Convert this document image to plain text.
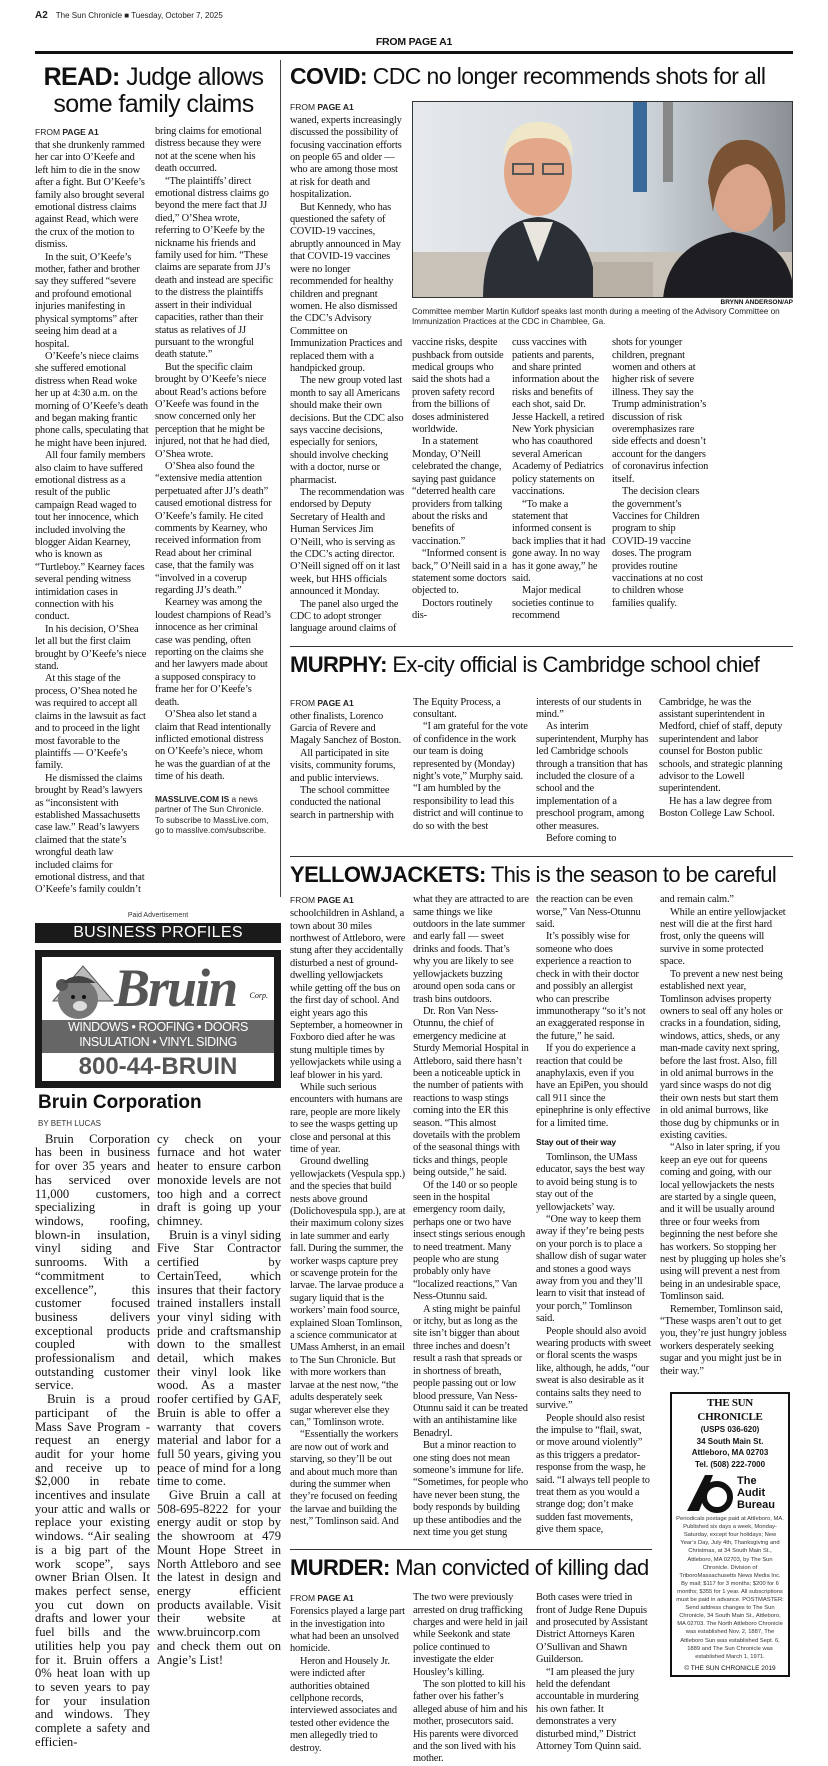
A2 The Sun Chronicle ■ Tuesday, October 7, 2025
FROM PAGE A1
READ: Judge allows some family claims
FROM PAGE A1

that she drunkenly rammed her car into O’Keefe and left him to die in the snow after a fight. But O’Keefe’s family also brought several emotional distress claims against Read, which were the crux of the motion to dismiss.

In the suit, O’Keefe’s mother, father and brother say they suffered “severe and profound emotional injuries manifesting in physical symptoms” after seeing him dead at a hospital.

O’Keefe’s niece claims she suffered emotional distress when Read woke her up at 4:30 a.m. on the morning of O’Keefe’s death and began making frantic phone calls, speculating that he might have been injured.

All four family members also claim to have suffered emotional distress as a result of the public campaign Read waged to tout her innocence, which included involving the blogger Aidan Kearney, who is known as “Turtleboy.” Kearney faces several pending witness intimidation cases in connection with his conduct.

In his decision, O’Shea let all but the first claim brought by O’Keefe’s niece stand.

At this stage of the process, O’Shea noted he was required to accept all claims in the lawsuit as fact and to proceed in the light most favorable to the plaintiffs — O’Keefe’s family.

He dismissed the claims brought by Read’s lawyers as “inconsistent with established Massachusetts case law.” Read’s lawyers claimed that the state’s wrongful death law included claims for emotional distress, and that O’Keefe’s family couldn’t

bring claims for emotional distress because they were not at the scene when his death occurred.

“The plaintiffs’ direct emotional distress claims go beyond the mere fact that JJ died,” O’Shea wrote, referring to O’Keefe by the nickname his friends and family used for him. “These claims are separate from JJ’s death and instead are specific to the distress the plaintiffs assert in their individual capacities, rather than their status as relatives of JJ pursuant to the wrongful death statute.”

But the specific claim brought by O’Keefe’s niece about Read’s actions before O’Keefe was found in the snow concerned only her perception that he might be injured, not that he had died, O’Shea wrote.

O’Shea also found the “extensive media attention perpetuated after JJ’s death” caused emotional distress for O’Keefe’s family. He cited comments by Kearney, who received information from Read about her criminal case, that the family was “involved in a coverup regarding JJ’s death.”

Kearney was among the loudest champions of Read’s innocence as her criminal case was pending, often reporting on the claims she and her lawyers made about a supposed conspiracy to frame her for O’Keefe’s death.

O’Shea also let stand a claim that Read intentionally inflicted emotional distress on O’Keefe’s niece, whom he was the guardian of at the time of his death.

MASSLIVE.COM IS a news partner of The Sun Chronicle. To subscribe to MassLive.com, go to masslive.com/subscribe.
Paid Advertisement
BUSINESS PROFILES
Bruin Corp.
WINDOWS • ROOFING • DOORS
INSULATION • VINYL SIDING
800-44-BRUIN
Bruin Corporation
BY BETH LUCAS

Bruin Corporation has been in business for over 35 years and has serviced over 11,000 customers, specializing in windows, roofing, blown-in insulation, vinyl siding and sunrooms. With a “commitment to excellence”, this customer focused business delivers exceptional products coupled with professionalism and outstanding customer service.

Bruin is a proud participant of the Mass Save Program - request an energy audit for your home and receive up to $2,000 in rebate incentives and insulate your attic and walls or replace your existing windows. “Air sealing is a big part of the work scope”, says owner Brian Olsen. It makes perfect sense, you cut down on drafts and lower your fuel bills and the utilities help you pay for it. Bruin offers a 0% heat loan with up to seven years to pay for your insulation and windows. They complete a safety and efficien-

cy check on your furnace and hot water heater to ensure carbon monoxide levels are not too high and a correct draft is going up your chimney.

Bruin is a vinyl siding Five Star Contractor certified by CertainTeed, which insures that their factory trained installers install your vinyl siding with pride and craftsmanship down to the smallest detail, which makes their vinyl look like wood. As a master roofer certified by GAF, Bruin is able to offer a warranty that covers material and labor for a full 50 years, giving you peace of mind for a long time to come.

Give Bruin a call at 508-695-8222 for your energy audit or stop by the showroom at 479 Mount Hope Street in North Attleboro and see the latest in design and energy efficient products available. Visit their website at www.bruincorp.com and check them out on Angie’s List!

COVID: CDC no longer recommends shots for all
FROM PAGE A1

waned, experts increasingly discussed the possibility of focusing vaccination efforts on people 65 and older — who are among those most at risk for death and hospitalization.

But Kennedy, who has questioned the safety of COVID-19 vaccines, abruptly announced in May that COVID-19 vaccines were no longer recommended for healthy children and pregnant women. He also dismissed the CDC’s Advisory Committee on Immunization Practices and replaced them with a handpicked group.

The new group voted last month to say all Americans should make their own decisions. But the CDC also says vaccine decisions, especially for seniors, should involve checking with a doctor, nurse or pharmacist.

The recommendation was endorsed by Deputy Secretary of Health and Human Services Jim O’Neill, who is serving as the CDC’s acting director. O’Neill signed off on it last week, but HHS officials announced it Monday.

The panel also urged the CDC to adopt stronger language around claims of

BRYNN ANDERSON/AP
Committee member Martin Kulldorf speaks last month during a meeting of the Advisory Committee on Immunization Practices at the CDC in Chamblee, Ga.

vaccine risks, despite pushback from outside medical groups who said the shots had a proven safety record from the billions of doses administered worldwide.

In a statement Monday, O’Neill celebrated the change, saying past guidance “deterred health care providers from talking about the risks and benefits of vaccination.”

“Informed consent is back,” O’Neill said in a statement some doctors objected to.

Doctors routinely dis-

cuss vaccines with patients and parents, and share printed information about the risks and benefits of each shot, said Dr. Jesse Hackell, a retired New York physician who has coauthored several American Academy of Pediatrics policy statements on vaccinations.

“To make a statement that informed consent is back implies that it had gone away. In no way has it gone away,” he said.

Major medical societies continue to recommend

shots for younger children, pregnant women and others at higher risk of severe illness. They say the Trump administration’s discussion of risk overemphasizes rare side effects and doesn’t account for the dangers of coronavirus infection itself.

The decision clears the government’s Vaccines for Children program to ship COVID-19 vaccine doses. The program provides routine vaccinations at no cost to children whose families qualify.

MURPHY: Ex-city official is Cambridge school chief
FROM PAGE A1

other finalists, Lorenco Garcia of Revere and Magaly Sanchez of Boston.

All participated in site visits, community forums, and public interviews.

The school committee conducted the national search in partnership with

The Equity Process, a consultant.

“I am grateful for the vote of confidence in the work our team is doing represented by (Monday) night’s vote,” Murphy said. “I am humbled by the responsibility to lead this district and will continue to do so with the best

interests of our students in mind.”

As interim superintendent, Murphy has led Cambridge schools through a transition that has included the closure of a school and the implementation of a preschool program, among other measures.

Before coming to

Cambridge, he was the assistant superintendent in Medford, chief of staff, deputy superintendent and labor counsel for Boston public schools, and strategic planning advisor to the Lowell superintendent.

He has a law degree from Boston College Law School.

YELLOWJACKETS: This is the season to be careful
FROM PAGE A1

schoolchildren in Ashland, a town about 30 miles northwest of Attleboro, were stung after they accidentally disturbed a nest of ground-dwelling yellowjackets while getting off the bus on the first day of school. And eight years ago this September, a homeowner in Foxboro died after he was stung multiple times by yellowjackets while using a leaf blower in his yard.

While such serious encounters with humans are rare, people are more likely to see the wasps getting up close and personal at this time of year.

Ground dwelling yellowjackets (Vespula spp.) and the species that build nests above ground (Dolichovespula spp.), are at their maximum colony sizes in late summer and early fall. During the summer, the worker wasps capture prey or scavenge protein for the larvae. The larvae produce a sugary liquid that is the workers’ main food source, explained Sloan Tomlinson, a science communicator at UMass Amherst, in an email to The Sun Chronicle. But with more workers than larvae at the nest now, “the adults desperately seek sugar wherever else they can,” Tomlinson wrote.

“Essentially the workers are now out of work and starving, so they’ll be out and about much more than during the summer when they’re focused on feeding the larvae and building the nest,” Tomlinson said. And

what they are attracted to are same things we like outdoors in the late summer and early fall — sweet drinks and foods. That’s why you are likely to see yellowjackets buzzing around open soda cans or trash bins outdoors.

Dr. Ron Van Ness-Otunnu, the chief of emergency medicine at Sturdy Memorial Hospital in Attleboro, said there hasn’t been a noticeable uptick in the number of patients with reactions to wasp stings coming into the ER this season. “This almost dovetails with the problem of the seasonal things with ticks and things, people being outside,” he said.

Of the 140 or so people seen in the hospital emergency room daily, perhaps one or two have insect stings serious enough to need treatment. Many people who are stung probably only have “localized reactions,” Van Ness-Otunnu said.

A sting might be painful or itchy, but as long as the site isn’t bigger than about three inches and doesn’t result a rash that spreads or in shortness of breath, people passing out or low blood pressure, Van Ness-Otunnu said it can be treated with an antihistamine like Benadryl.

But a minor reaction to one sting does not mean someone’s immune for life. “Sometimes, for people who have never been stung, the body responds by building up these antibodies and the next time you get stung

the reaction can be even worse,” Van Ness-Otunnu said.

It’s possibly wise for someone who does experience a reaction to check in with their doctor and possibly an allergist who can prescribe immunotherapy “so it’s not an exaggerated response in the future,” he said.

If you do experience a reaction that could be anaphylaxis, even if you have an EpiPen, you should call 911 since the epinephrine is only effective for a limited time.

Stay out of their way

Tomlinson, the UMass educator, says the best way to avoid being stung is to stay out of the yellowjackets’ way.

“One way to keep them away if they’re being pests on your porch is to place a shallow dish of sugar water and stones a good ways away from you and they’ll learn to visit that instead of your porch,” Tomlinson said.

People should also avoid wearing products with sweet or floral scents the wasps like, although, he adds, “our sweat is also desirable as it contains salts they need to survive.”

People should also resist the impulse to “flail, swat, or move around violently” as this triggers a predator-response from the wasp, he said. “I always tell people to treat them as you would a strange dog; don’t make sudden fast movements, give them space,

MURDER: Man convicted of killing dad
FROM PAGE A1

Forensics played a large part in the investigation into what had been an unsolved homicide.

Heron and Housely Jr. were indicted after authorities obtained cellphone records, interviewed associates and tested other evidence the men allegedly tried to destroy.

The two were previously arrested on drug trafficking charges and were held in jail while Seekonk and state police continued to investigate the elder Housley’s killing.

The son plotted to kill his father over his father’s alleged abuse of him and his mother, prosecutors said. His parents were divorced and the son lived with his mother.

Both cases were tried in front of Judge Rene Dupuis and prosecuted by Assistant District Attorneys Karen O’Sullivan and Shawn Guilderson.

“I am pleased the jury held the defendant accountable in murdering his own father. It demonstrates a very disturbed mind,” District Attorney Tom Quinn said.

and remain calm.”

While an entire yellowjacket nest will die at the first hard frost, only the queens will survive in some protected space.

To prevent a new nest being established next year, Tomlinson advises property owners to seal off any holes or cracks in a foundation, siding, windows, attics, sheds, or any man-made cavity next spring, before the last frost. Also, fill in old animal burrows in the yard since wasps do not dig their own nests but start them in old animal burrows, like those dug by chipmunks or in existing cavities.

“Also in later spring, if you keep an eye out for queens coming and going, with our local yellowjackets the nests are started by a single queen, and it will be usually around three or four weeks from beginning the nest before she has workers. So stopping her nest by plugging up holes she’s using will prevent a nest from being in an undesirable space, Tomlinson said.

Remember, Tomlinson said, “These wasps aren’t out to get you, they’re just hungry jobless workers desperately seeking sugar and you might just be in their way.”

THE SUN CHRONICLE
(USPS 036-620)
34 South Main St.
Attleboro, MA 02703
Tel. (508) 222-7000
The
Audit
Bureau
Periodicals postage paid at Attleboro, MA. Published six days a week, Monday-Saturday, except four holidays; New Year’s Day, July 4th, Thanksgiving and Christmas, at 34 South Main St., Attleboro, MA 02703, by The Sun Chronicle. Division of TriboroMassachusetts News Media Inc. By mail; $117 for 3 months; $200 for 6 months; $355 for 1 year. All subscriptions must be paid in advance. POSTMASTER: Send address changes to The Sun Chronicle, 34 South Main St., Attleboro, MA 02703. The North Attleboro Chronicle was established Nov. 2, 1887, The Attleboro Sun was established Sept. 6, 1889 and The Sun Chronicle was established March 1, 1971.
© THE SUN CHRONICLE 2019
